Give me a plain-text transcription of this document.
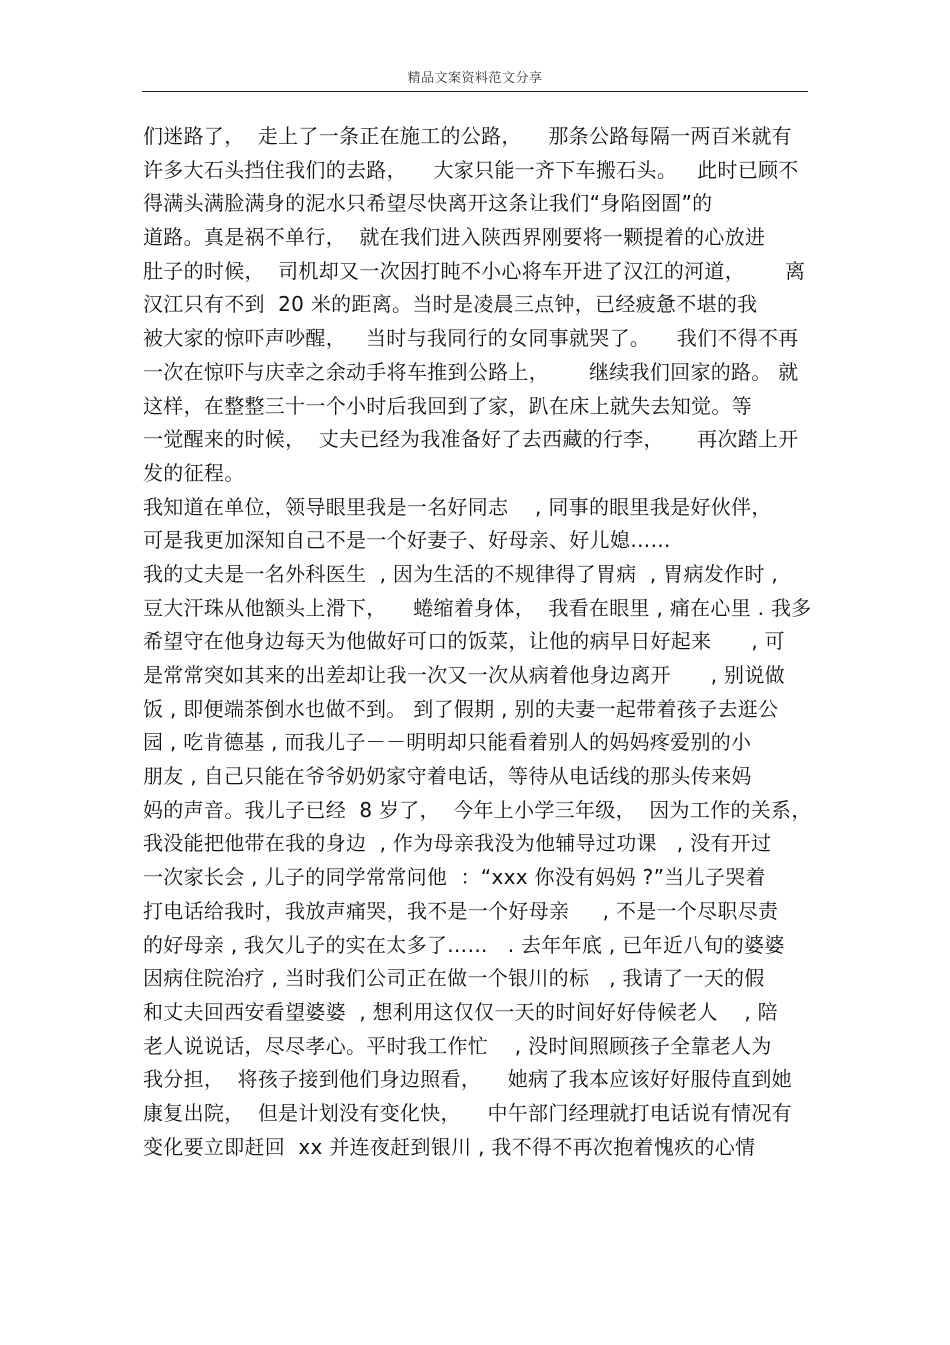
精品文案资料范文分享
们迷路了，  走上了一条正在施工的公路，    那条公路每隔一两百米就有
许多大石头挡住我们的去路，    大家只能一齐下车搬石头。   此时已顾不
得满头满脸满身的泥水只希望尽快离开这条让我们“身陷囹圄”的
道路。真是祸不单行，  就在我们进入陕西界刚要将一颗提着的心放进
肚子的时候，  司机却又一次因打盹不小心将车开进了汉江的河道，      离
汉江只有不到  20 米的距离。当时是凌晨三点钟，已经疲惫不堪的我
被大家的惊吓声吵醒，   当时与我同行的女同事就哭了。    我们不得不再
一次在惊吓与庆幸之余动手将车推到公路上，      继续我们回家的路。 就
这样，在整整三十一个小时后我回到了家，趴在床上就失去知觉。等
一觉醒来的时候，  丈夫已经为我准备好了去西藏的行李，     再次踏上开
发的征程。
我知道在单位，领导眼里我是一名好同志    , 同事的眼里我是好伙伴，
可是我更加深知自己不是一个好妻子、好母亲、好儿媳……
我的丈夫是一名外科医生  , 因为生活的不规律得了胃病  , 胃病发作时 ,
豆大汗珠从他额头上滑下，    蜷缩着身体，  我看在眼里 , 痛在心里 . 我多
希望守在他身边每天为他做好可口的饭菜，让他的病早日好起来      , 可
是常常突如其来的出差却让我一次又一次从病着他身边离开      , 别说做
饭 , 即便端茶倒水也做不到。 到了假期 , 别的夫妻一起带着孩子去逛公
园 , 吃肯德基 , 而我儿子－－明明却只能看着别人的妈妈疼爱别的小
朋友 , 自己只能在爷爷奶奶家守着电话，等待从电话线的那头传来妈
妈的声音。我儿子已经  8 岁了，  今年上小学三年级，  因为工作的关系，
我没能把他带在我的身边  , 作为母亲我没为他辅导过功课   , 没有开过
一次家长会 , 儿子的同学常常问他  ：“xxx 你没有妈妈 ?”当儿子哭着
打电话给我时，我放声痛哭，我不是一个好母亲     , 不是一个尽职尽责
的好母亲 , 我欠儿子的实在太多了……   . 去年年底 , 已年近八旬的婆婆
因病住院治疗 , 当时我们公司正在做一个银川的标   , 我请了一天的假
和丈夫回西安看望婆婆  , 想利用这仅仅一天的时间好好侍候老人    , 陪
老人说说话，尽尽孝心。平时我工作忙    , 没时间照顾孩子全靠老人为
我分担，  将孩子接到他们身边照看，    她病了我本应该好好服侍直到她
康复出院，  但是计划没有变化快，    中午部门经理就打电话说有情况有
变化要立即赶回  xx 并连夜赶到银川 , 我不得不再次抱着愧疚的心情
